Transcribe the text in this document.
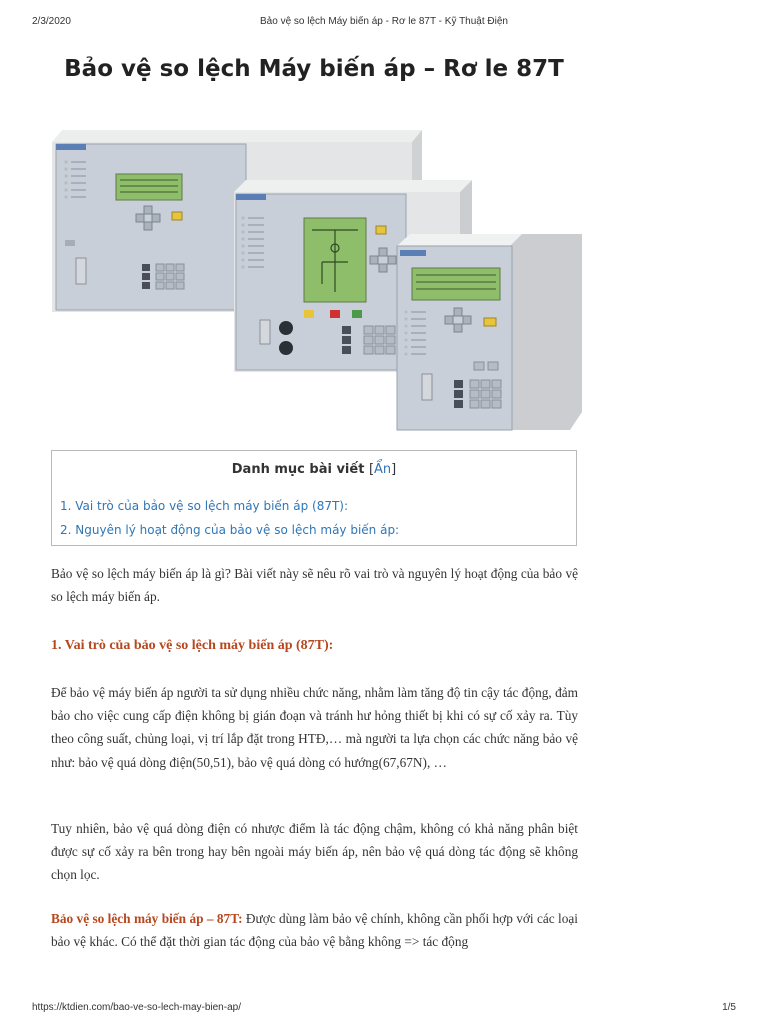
2/3/2020	Bảo vệ so lệch Máy biến áp - Rơ le 87T - Kỹ Thuật Điện
Bảo vệ so lệch Máy biến áp – Rơ le 87T
Danh mục bài viết [Ẩn]
1. Vai trò của bảo vệ so lệch máy biến áp (87T):
2. Nguyên lý hoạt động của bảo vệ so lệch máy biến áp:

Bảo vệ so lệch máy biến áp là gì? Bài viết này sẽ nêu rõ vai trò và nguyên lý hoạt động của bảo vệ so lệch máy biến áp.

1. Vai trò của bảo vệ so lệch máy biến áp (87T):

Để bảo vệ máy biến áp người ta sử dụng nhiều chức năng, nhằm làm tăng độ tin cậy tác động, đảm bảo cho việc cung cấp điện không bị gián đoạn và tránh hư hỏng thiết bị khi có sự cố xảy ra. Tùy theo công suất, chủng loại, vị trí lắp đặt trong HTĐ,… mà người ta lựa chọn các chức năng bảo vệ như: bảo vệ quá dòng điện(50,51), bảo vệ quá dòng có hướng(67,67N), …

Tuy nhiên, bảo vệ quá dòng điện có nhược điểm là tác động chậm, không có khả năng phân biệt được sự cố xảy ra bên trong hay bên ngoài máy biến áp, nên bảo vệ quá dòng tác động sẽ không chọn lọc.

Bảo vệ so lệch máy biến áp – 87T: Được dùng làm bảo vệ chính, không cần phối hợp với các loại bảo vệ khác. Có thể đặt thời gian tác động của bảo vệ bằng không => tác động

https://ktdien.com/bao-ve-so-lech-may-bien-ap/	1/5
